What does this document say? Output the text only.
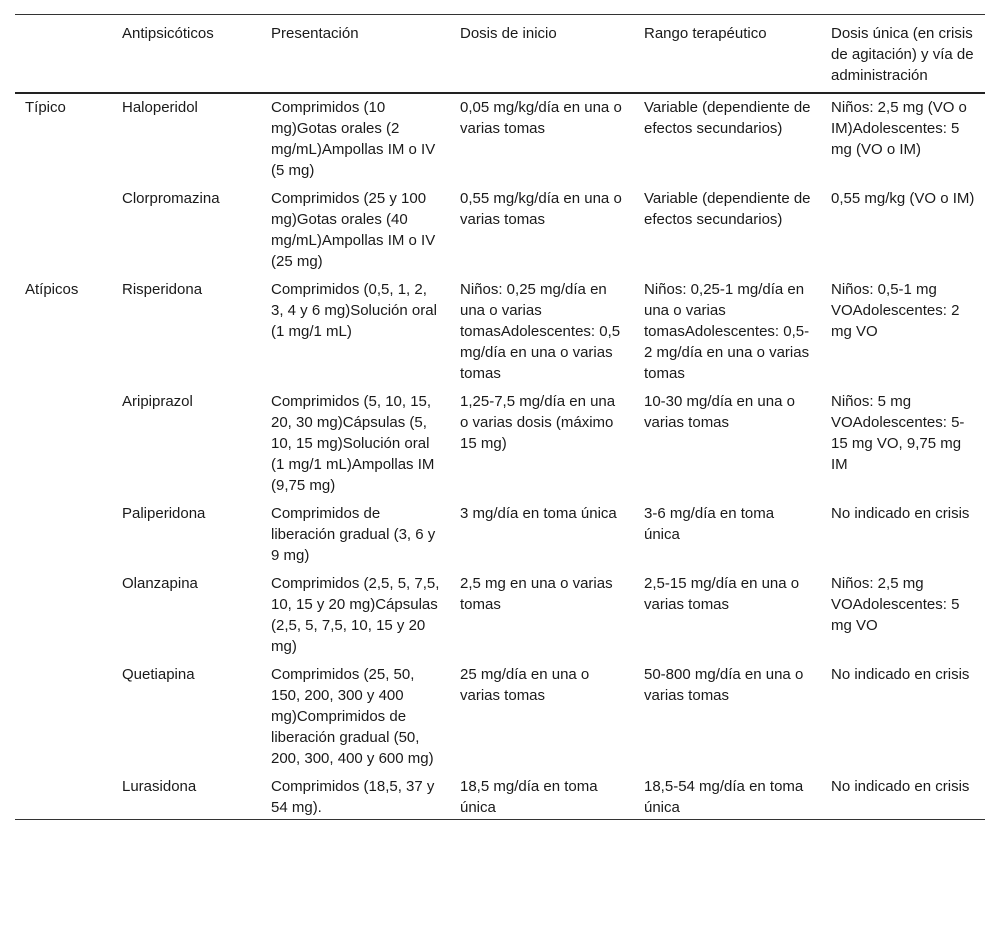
	Antipsicóticos	Presentación	Dosis de inicio	Rango terapéutico	Dosis única (en crisis de agitación) y vía de administración
Típico	Haloperidol	Comprimidos (10 mg)Gotas orales (2 mg/mL)Ampollas IM o IV (5 mg)	0,05 mg/kg/día en una o varias tomas	Variable (dependiente de efectos secundarios)	Niños: 2,5 mg (VO o IM)Adolescentes: 5 mg (VO o IM)
	Clorpromazina	Comprimidos (25 y 100 mg)Gotas orales (40 mg/mL)Ampollas IM o IV (25 mg)	0,55 mg/kg/día en una o varias tomas	Variable (dependiente de efectos secundarios)	0,55 mg/kg (VO o IM)
Atípicos	Risperidona	Comprimidos (0,5, 1, 2, 3, 4 y 6 mg)Solución oral (1 mg/1 mL)	Niños: 0,25 mg/día en una o varias tomasAdolescentes: 0,5 mg/día en una o varias tomas	Niños: 0,25-1 mg/día en una o varias tomasAdolescentes: 0,5-2 mg/día en una o varias tomas	Niños: 0,5-1 mg VOAdolescentes: 2 mg VO
	Aripiprazol	Comprimidos (5, 10, 15, 20, 30 mg)Cápsulas (5, 10, 15 mg)Solución oral (1 mg/1 mL)Ampollas IM (9,75 mg)	1,25-7,5 mg/día en una o varias dosis (máximo 15 mg)	10-30 mg/día en una o varias tomas	Niños: 5 mg VOAdolescentes: 5-15 mg VO, 9,75 mg IM
	Paliperidona	Comprimidos de liberación gradual (3, 6 y 9 mg)	3 mg/día en toma única	3-6 mg/día en toma única	No indicado en crisis
	Olanzapina	Comprimidos (2,5, 5, 7,5, 10, 15 y 20 mg)Cápsulas (2,5, 5, 7,5, 10, 15 y 20 mg)	2,5 mg en una o varias tomas	2,5-15 mg/día en una o varias tomas	Niños: 2,5 mg VOAdolescentes: 5 mg VO
	Quetiapina	Comprimidos (25, 50, 150, 200, 300 y 400 mg)Comprimidos de liberación gradual (50, 200, 300, 400 y 600 mg)	25 mg/día en una o varias tomas	50-800 mg/día en una o varias tomas	No indicado en crisis
	Lurasidona	Comprimidos (18,5, 37 y 54 mg).	18,5 mg/día en toma única	18,5-54 mg/día en toma única	No indicado en crisis
